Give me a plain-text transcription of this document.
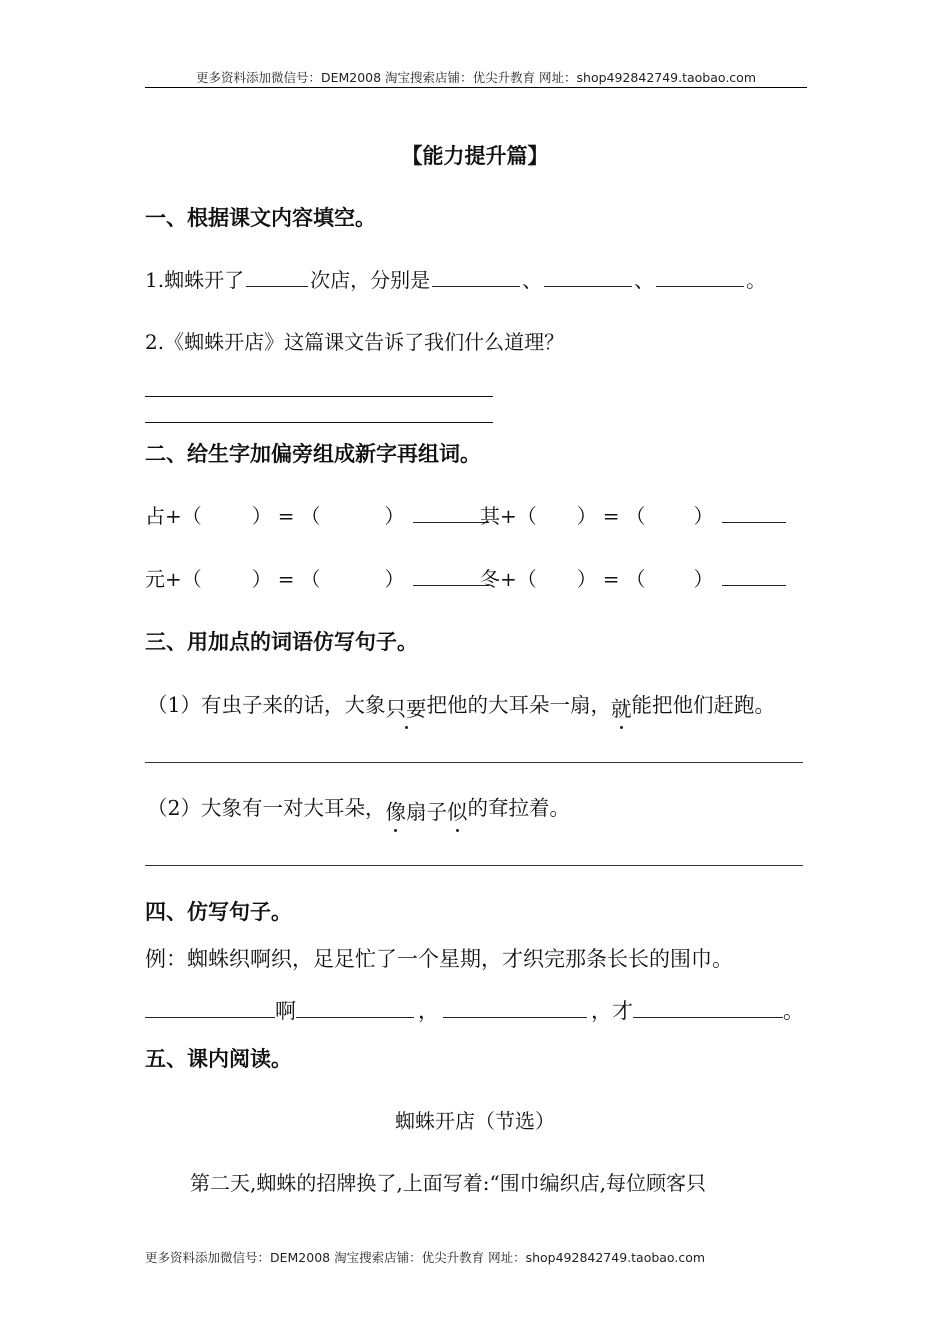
更多资料添加微信号：DEM2008 淘宝搜索店铺：优尖升教育 网址：shop492842749.taobao.com
【能力提升篇】
一、根据课文内容填空。
1.蜘蛛开了	次店，分别是	、	、	。
2.《蜘蛛开店》这篇课文告诉了我们什么道理？
二、给生字加偏旁组成新字再组词。
占+（	） = （	）	其+（ ） = （ ）
元+（	） = （	）	冬+（ ） = （ ）
三、用加点的词语仿写句子。
（1）有虫子来的话，大象只要把他的大耳朵一扇，就能把他们赶跑。
（2）大象有一对大耳朵，像扇子似的耷拉着。
四、仿写句子。
例：蜘蛛织啊织，足足忙了一个星期，才织完那条长长的围巾。
啊	，	，才	。
五、课内阅读。
蜘蛛开店（节选）
第二天,蜘蛛的招牌换了,上面写着:“围巾编织店,每位顾客只
更多资料添加微信号：DEM2008 淘宝搜索店铺：优尖升教育 网址：shop492842749.taobao.com
